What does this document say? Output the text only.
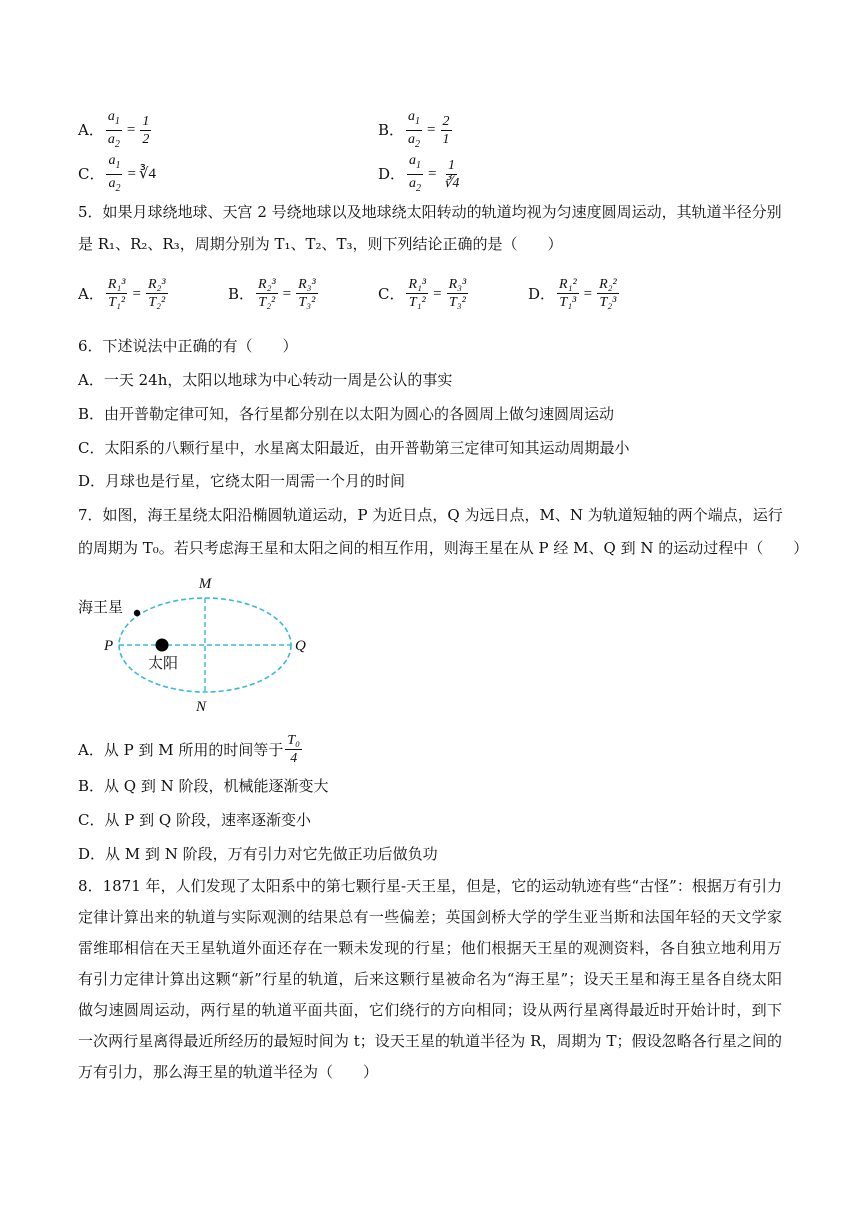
A． $\frac{a_1}{a_2} = \frac{1}{2}$	B． $\frac{a_1}{a_2} = \frac{2}{1}$
C． $\frac{a_1}{a_2}$ = ∛4	D． $\frac{a_1}{a_2} = \frac{1}{∛4}$
5．如果月球绕地球、天宫 2 号绕地球以及地球绕太阳转动的轨道均视为匀速度圆周运动，其轨道半径分别
是 R₁、R₂、R₃，周期分别为 T₁、T₂、T₃，则下列结论正确的是（　　）
A． $\frac{\text{R₁³}}{\text{T₁²}} = \frac{\text{R₂³}}{\text{T₂²}}$	B． $\frac{\text{R₂³}}{\text{T₂²}} = \frac{\text{R₃³}}{\text{T₃²}}$	C． $\frac{\text{R₁³}}{\text{T₁²}} = \frac{\text{R₃³}}{\text{T₃²}}$	D． $\frac{\text{R₁²}}{\text{T₁³}} = \frac{\text{R₂²}}{\text{T₂³}}$
6．下述说法中正确的有（　　）
A．一天 24h，太阳以地球为中心转动一周是公认的事实
B．由开普勒定律可知，各行星都分别在以太阳为圆心的各圆周上做匀速圆周运动
C．太阳系的八颗行星中，水星离太阳最近，由开普勒第三定律可知其运动周期最小
D．月球也是行星，它绕太阳一周需一个月的时间
7．如图，海王星绕太阳沿椭圆轨道运动，P 为近日点，Q 为远日点，M、N 为轨道短轴的两个端点，运行
的周期为 T₀。若只考虑海王星和太阳之间的相互作用，则海王星在从 P 经 M、Q 到 N 的运动过程中（　　）
M
N
P	Q
海王星
太阳
A．从 P 到 M 所用的时间等于 $\frac{\text{T₀}}{4}$
B．从 Q 到 N 阶段，机械能逐渐变大
C．从 P 到 Q 阶段，速率逐渐变小
D．从 M 到 N 阶段，万有引力对它先做正功后做负功
8．1871 年，人们发现了太阳系中的第七颗行星-天王星，但是，它的运动轨迹有些“古怪”：根据万有引力定律计算出来的轨道与实际观测的结果总有一些偏差；英国剑桥大学的学生亚当斯和法国年轻的天文学家雷维耶相信在天王星轨道外面还存在一颗未发现的行星；他们根据天王星的观测资料，各自独立地利用万有引力定律计算出这颗“新”行星的轨道，后来这颗行星被命名为“海王星”；设天王星和海王星各自绕太阳做匀速圆周运动，两行星的轨道平面共面，它们绕行的方向相同；设从两行星离得最近时开始计时，到下一次两行星离得最近所经历的最短时间为 t；设天王星的轨道半径为 R，周期为 T；假设忽略各行星之间的万有引力，那么海王星的轨道半径为（　　）
